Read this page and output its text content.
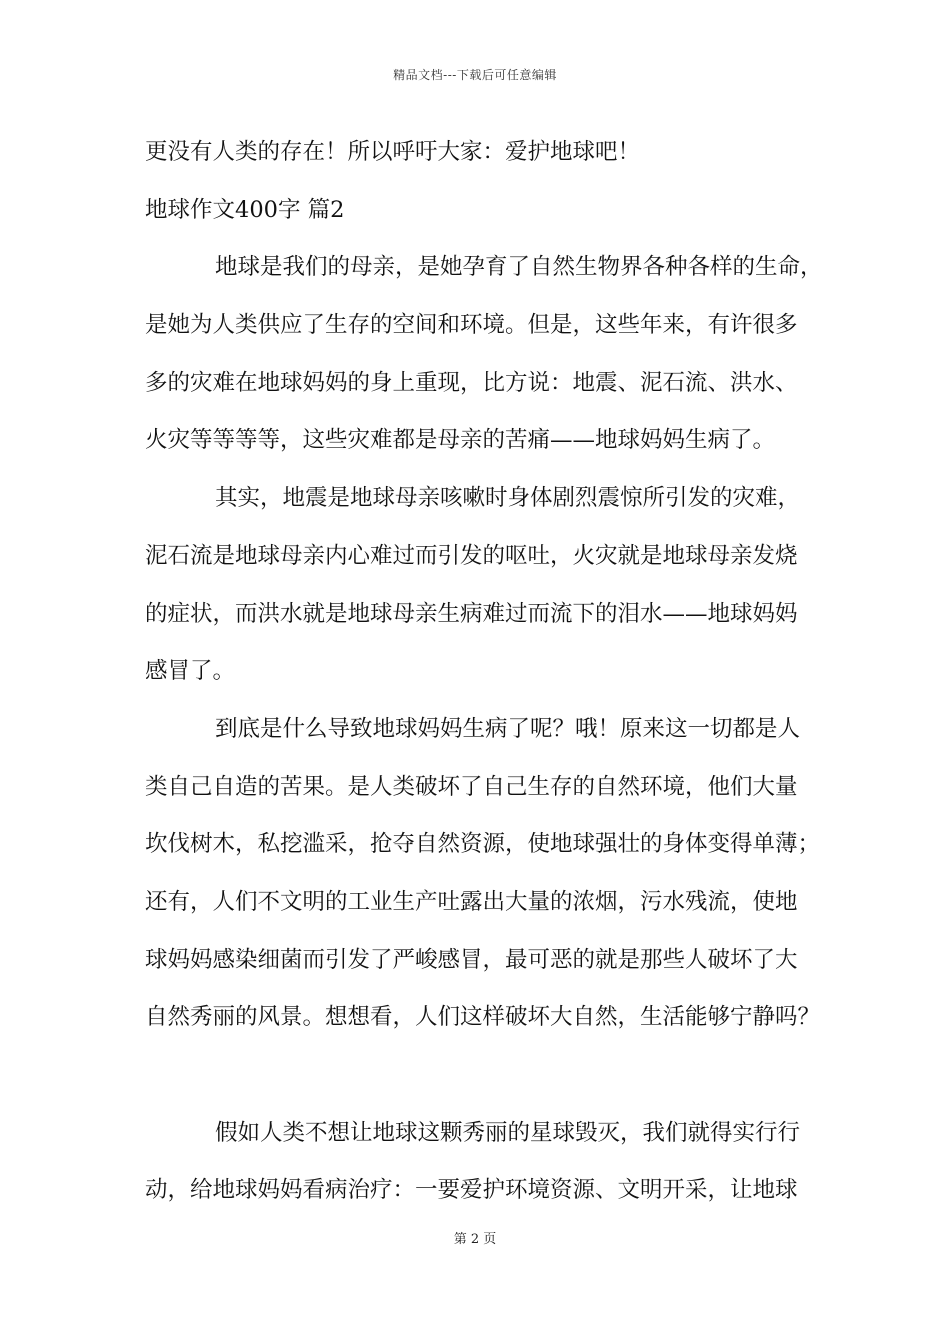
精品文档---下载后可任意编辑
更没有人类的存在！所以呼吁大家：爱护地球吧！
地球作文400字 篇2
地球是我们的母亲，是她孕育了自然生物界各种各样的生命，
是她为人类供应了生存的空间和环境。但是，这些年来，有许很多
多的灾难在地球妈妈的身上重现，比方说：地震、泥石流、洪水、
火灾等等等等，这些灾难都是母亲的苦痛——地球妈妈生病了。
其实，地震是地球母亲咳嗽时身体剧烈震惊所引发的灾难，
泥石流是地球母亲内心难过而引发的呕吐，火灾就是地球母亲发烧
的症状，而洪水就是地球母亲生病难过而流下的泪水——地球妈妈
感冒了。
到底是什么导致地球妈妈生病了呢？哦！原来这一切都是人
类自己自造的苦果。是人类破坏了自己生存的自然环境，他们大量
坎伐树木，私挖滥采，抢夺自然资源，使地球强壮的身体变得单薄；
还有，人们不文明的工业生产吐露出大量的浓烟，污水残流，使地
球妈妈感染细菌而引发了严峻感冒，最可恶的就是那些人破坏了大
自然秀丽的风景。想想看，人们这样破坏大自然，生活能够宁静吗？
假如人类不想让地球这颗秀丽的星球毁灭，我们就得实行行
动，给地球妈妈看病治疗：一要爱护环境资源、文明开采，让地球
第 2 页
